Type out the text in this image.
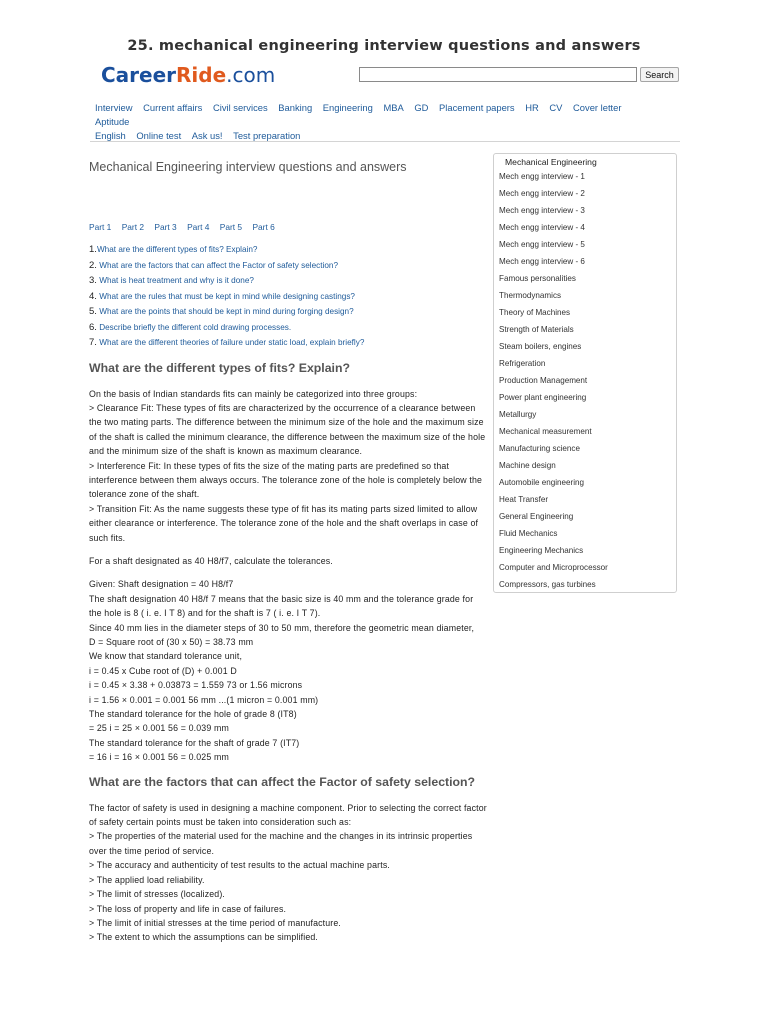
25. mechanical engineering interview questions and answers
CareerRide.com	Search
Interview Current affairs Civil services Banking Engineering MBA GD Placement papers HR CV Cover letter Aptitude
English Online test Ask us! Test preparation
Mechanical Engineering interview questions and answers
Part 1 Part 2 Part 3 Part 4 Part 5 Part 6
1.What are the different types of fits? Explain?
2. What are the factors that can affect the Factor of safety selection?
3. What is heat treatment and why is it done?
4. What are the rules that must be kept in mind while designing castings?
5. What are the points that should be kept in mind during forging design?
6. Describe briefly the different cold drawing processes.
7. What are the different theories of failure under static load, explain briefly?
What are the different types of fits? Explain?

On the basis of Indian standards fits can mainly be categorized into three groups:

> Clearance Fit: These types of fits are characterized by the occurrence of a clearance between the two mating parts. The difference between the minimum size of the hole and the maximum size of the shaft is called the minimum clearance, the difference between the maximum size of the hole and the minimum size of the shaft is known as maximum clearance.

> Interference Fit: In these types of fits the size of the mating parts are predefined so that interference between them always occurs. The tolerance zone of the hole is completely below the tolerance zone of the shaft.

> Transition Fit: As the name suggests these type of fit has its mating parts sized limited to allow either clearance or interference. The tolerance zone of the hole and the shaft overlaps in case of such fits.

For a shaft designated as 40 H8/f7, calculate the tolerances.

Given: Shaft designation = 40 H8/f7

The shaft designation 40 H8/f 7 means that the basic size is 40 mm and the tolerance grade for

the hole is 8 ( i. e. I T 8) and for the shaft is 7 ( i. e. I T 7).

Since 40 mm lies in the diameter steps of 30 to 50 mm, therefore the geometric mean diameter,

D = Square root of (30 x 50) = 38.73 mm

We know that standard tolerance unit,

i = 0.45 x Cube root of (D) + 0.001 D

i = 0.45 × 3.38 + 0.03873 = 1.559 73 or 1.56 microns

i = 1.56 × 0.001 = 0.001 56 mm ...(1 micron = 0.001 mm)

The standard tolerance for the hole of grade 8 (IT8)

= 25 i = 25 × 0.001 56 = 0.039 mm

The standard tolerance for the shaft of grade 7 (IT7)

= 16 i = 16 × 0.001 56 = 0.025 mm

What are the factors that can affect the Factor of safety selection?

The factor of safety is used in designing a machine component. Prior to selecting the correct factor of safety certain points must be taken into consideration such as:

> The properties of the material used for the machine and the changes in its intrinsic properties over the time period of service.

> The accuracy and authenticity of test results to the actual machine parts.

> The applied load reliability.

> The limit of stresses (localized).

> The loss of property and life in case of failures.

> The limit of initial stresses at the time period of manufacture.

> The extent to which the assumptions can be simplified.

Mechanical Engineering
Mech engg interview - 1
Mech engg interview - 2
Mech engg interview - 3
Mech engg interview - 4
Mech engg interview - 5
Mech engg interview - 6
Famous personalities
Thermodynamics
Theory of Machines
Strength of Materials
Steam boilers, engines
Refrigeration
Production Management
Power plant engineering
Metallurgy
Mechanical measurement
Manufacturing science
Machine design
Automobile engineering
Heat Transfer
General Engineering
Fluid Mechanics
Engineering Mechanics
Computer and Microprocessor
Compressors, gas turbines
